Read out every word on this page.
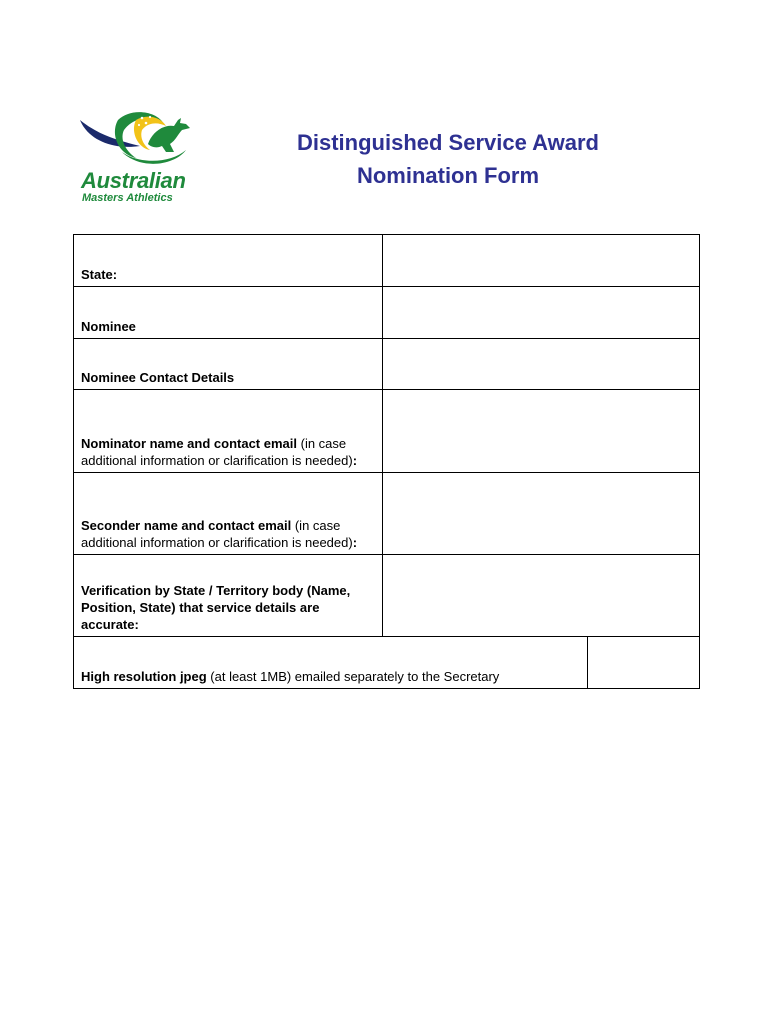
Australian
Masters Athletics
Distinguished Service Award
Nomination Form
State:		
Nominee		
Nominee Contact Details		
Nominator name and contact email (in case additional information or clarification is needed):		
Seconder name and contact email (in case additional information or clarification is needed):		
Verification by State / Territory body (Name, Position, State) that service details are accurate:		
High resolution jpeg (at least 1MB) emailed separately to the Secretary		
